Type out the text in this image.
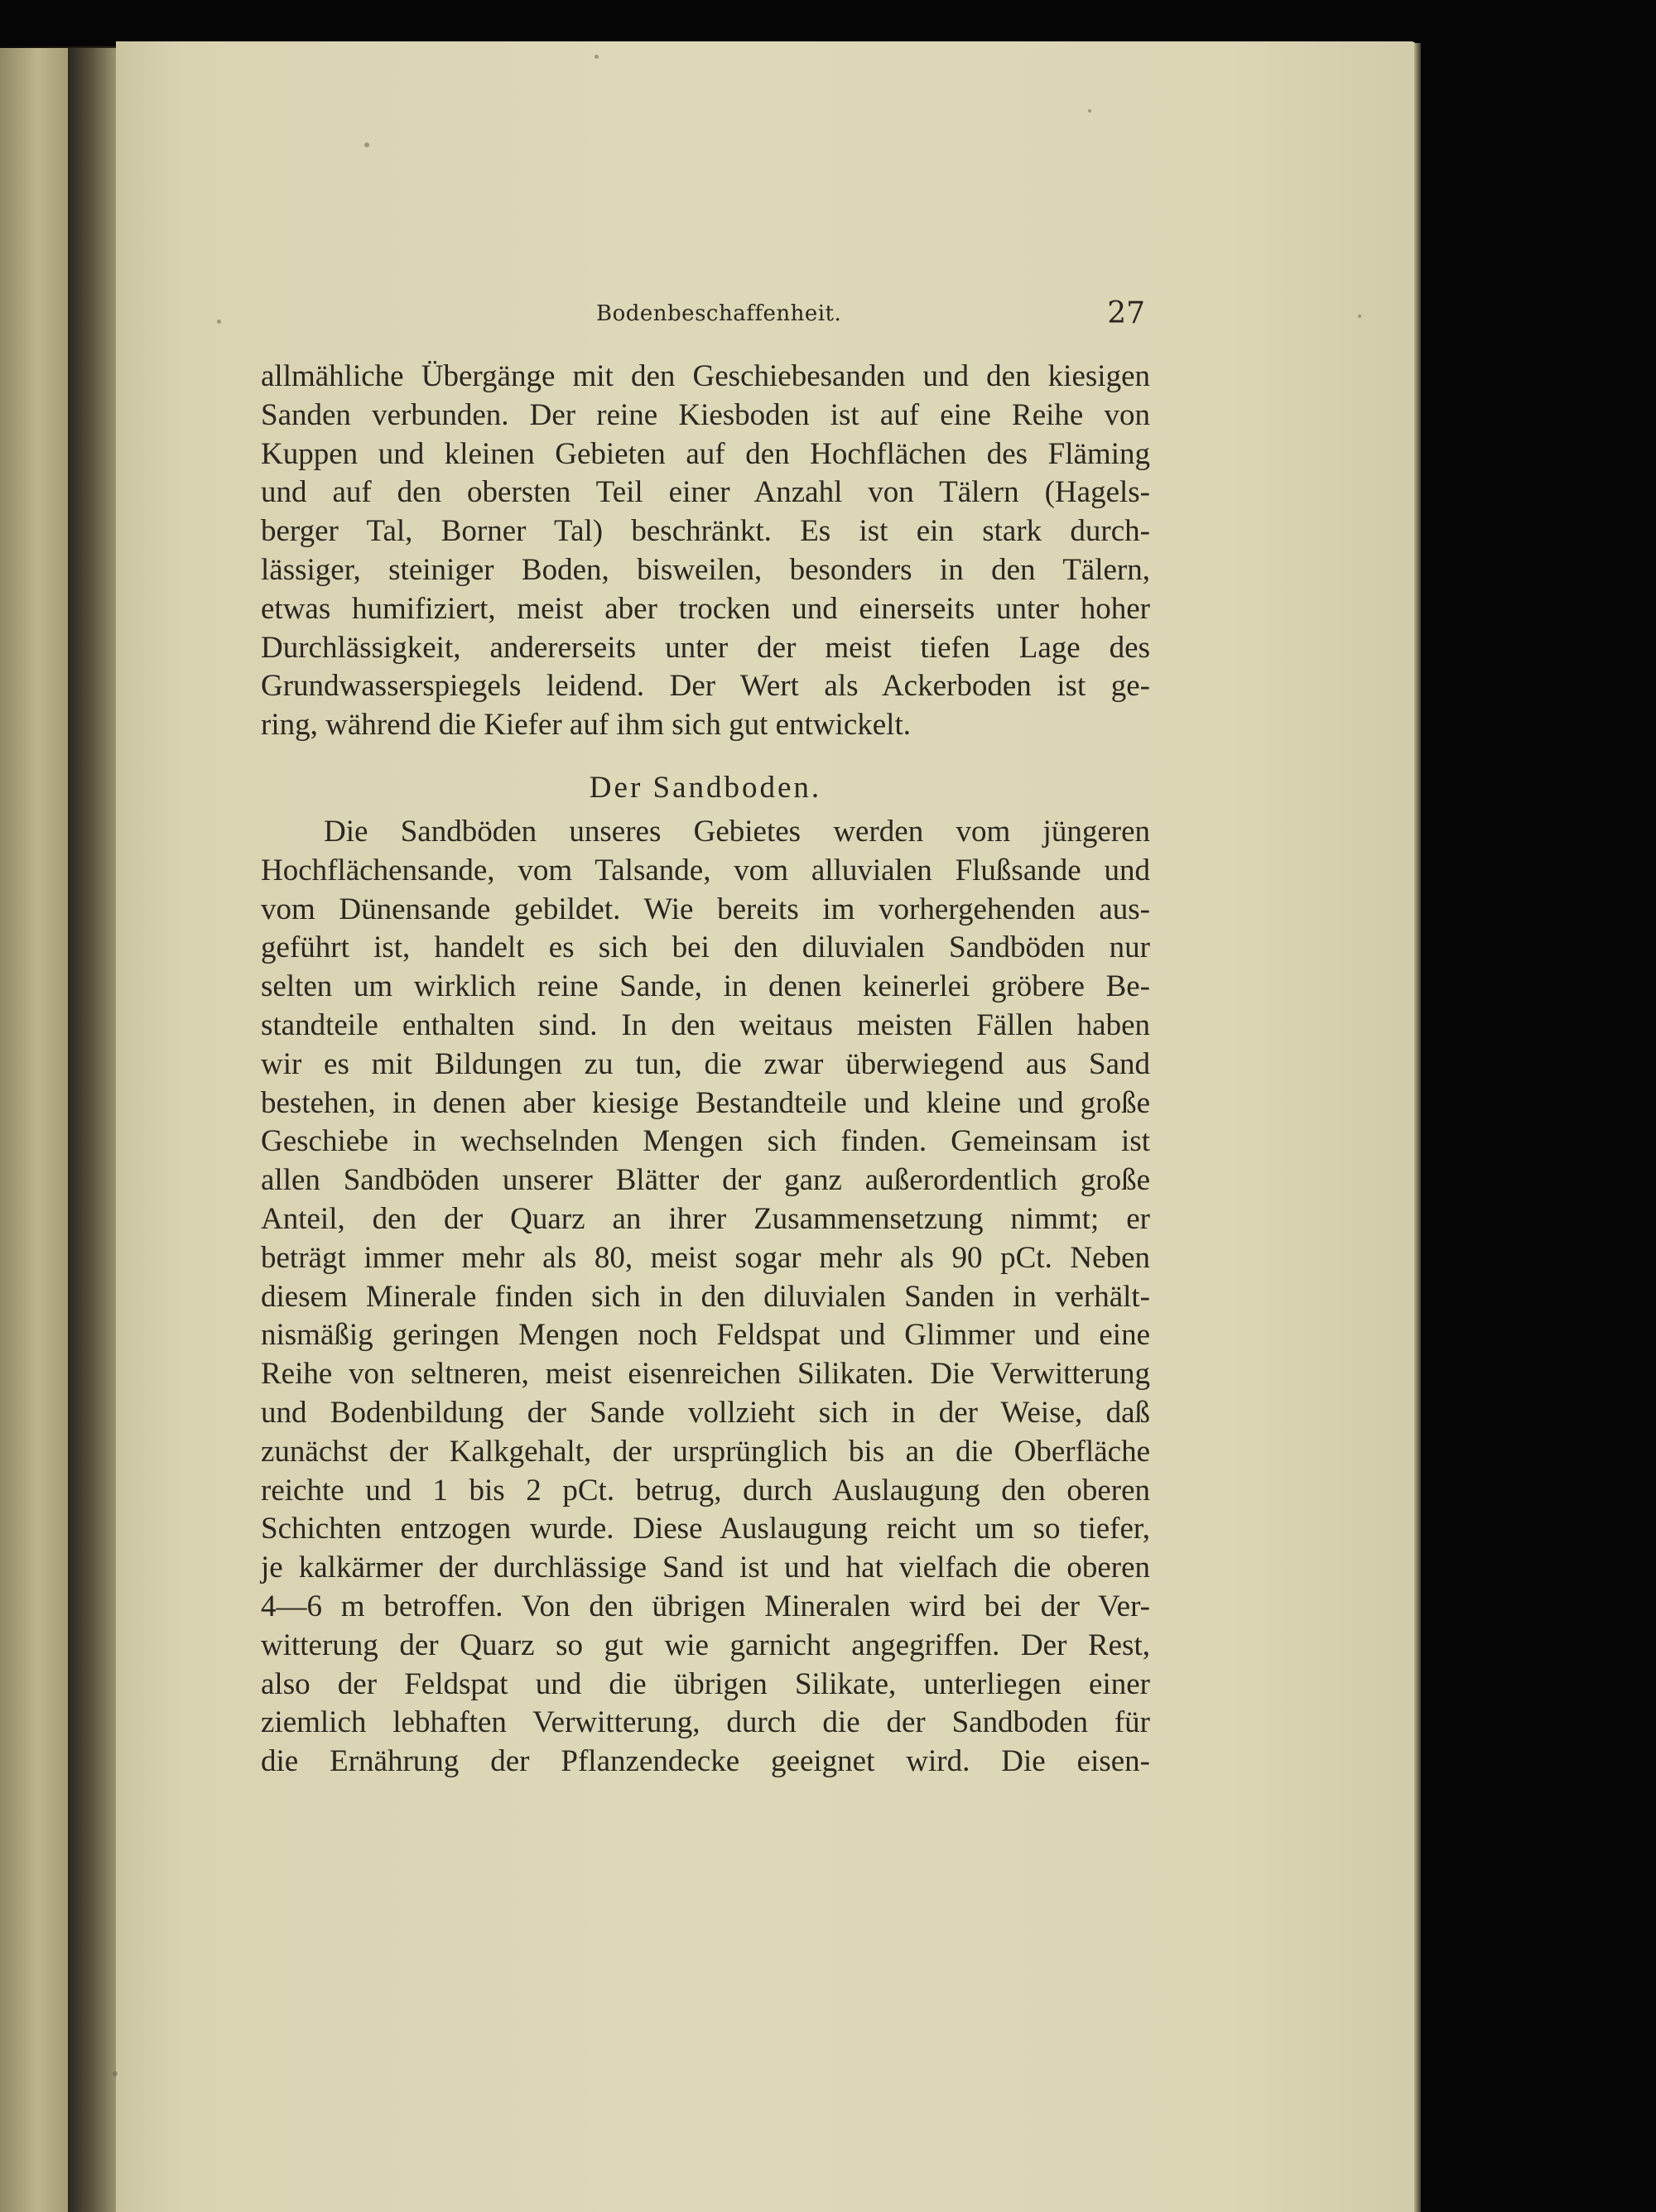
Bodenbeschaffenheit.	27
allmähliche Übergänge mit den Geschiebesanden und den kiesigen
Sanden verbunden. Der reine Kiesboden ist auf eine Reihe von
Kuppen und kleinen Gebieten auf den Hochflächen des Fläming
und auf den obersten Teil einer Anzahl von Tälern (Hagels-
berger Tal, Borner Tal) beschränkt. Es ist ein stark durch-
lässiger, steiniger Boden, bisweilen, besonders in den Tälern,
etwas humifiziert, meist aber trocken und einerseits unter hoher
Durchlässigkeit, andererseits unter der meist tiefen Lage des
Grundwasserspiegels leidend. Der Wert als Ackerboden ist ge-
ring, während die Kiefer auf ihm sich gut entwickelt.
Der Sandboden.
Die Sandböden unseres Gebietes werden vom jüngeren
Hochflächensande, vom Talsande, vom alluvialen Flußsande und
vom Dünensande gebildet. Wie bereits im vorhergehenden aus-
geführt ist, handelt es sich bei den diluvialen Sandböden nur
selten um wirklich reine Sande, in denen keinerlei gröbere Be-
standteile enthalten sind. In den weitaus meisten Fällen haben
wir es mit Bildungen zu tun, die zwar überwiegend aus Sand
bestehen, in denen aber kiesige Bestandteile und kleine und große
Geschiebe in wechselnden Mengen sich finden. Gemeinsam ist
allen Sandböden unserer Blätter der ganz außerordentlich große
Anteil, den der Quarz an ihrer Zusammensetzung nimmt; er
beträgt immer mehr als 80, meist sogar mehr als 90 pCt. Neben
diesem Minerale finden sich in den diluvialen Sanden in verhält-
nismäßig geringen Mengen noch Feldspat und Glimmer und eine
Reihe von seltneren, meist eisenreichen Silikaten. Die Verwitterung
und Bodenbildung der Sande vollzieht sich in der Weise, daß
zunächst der Kalkgehalt, der ursprünglich bis an die Oberfläche
reichte und 1 bis 2 pCt. betrug, durch Auslaugung den oberen
Schichten entzogen wurde. Diese Auslaugung reicht um so tiefer,
je kalkärmer der durchlässige Sand ist und hat vielfach die oberen
4—6 m betroffen. Von den übrigen Mineralen wird bei der Ver-
witterung der Quarz so gut wie garnicht angegriffen. Der Rest,
also der Feldspat und die übrigen Silikate, unterliegen einer
ziemlich lebhaften Verwitterung, durch die der Sandboden für
die Ernährung der Pflanzendecke geeignet wird. Die eisen-
